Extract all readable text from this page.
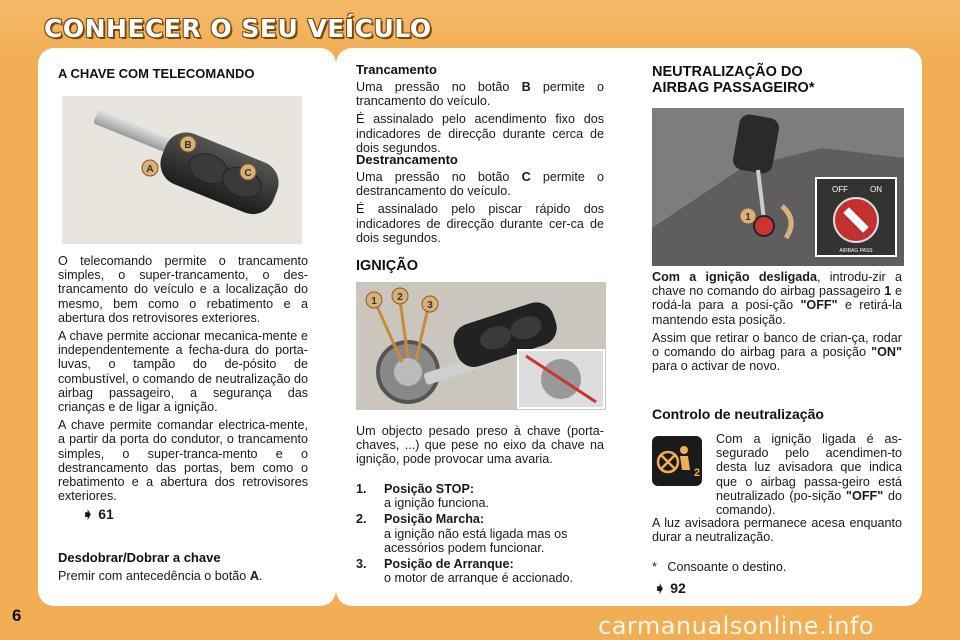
CONHECER O SEU VEÍCULO
A CHAVE COM TELECOMANDO
B
A	C

O telecomando permite o trancamento simples, o super-trancamento, o des-trancamento do veículo e a localização do mesmo, bem como o rebatimento e a abertura dos retrovisores exteriores.

A chave permite accionar mecanica-mente e independentemente a fecha-dura do porta-luvas, o tampão do de-pósito de combustível, o comando de neutralização do airbag passageiro, a segurança das crianças e de ligar a ignição.

A chave permite comandar electrica-mente, a partir da porta do condutor, o trancamento simples, o super-tranca-mento e o destrancamento das portas, bem como o rebatimento e a abertura dos retrovisores exteriores.

➧ 61
Desdobrar/Dobrar a chave
Premir com antecedência o botão A.
Trancamento

Uma pressão no botão B permite o trancamento do veículo.

É assinalado pelo acendimento fixo dos indicadores de direcção durante cerca de dois segundos.

Destrancamento

Uma pressão no botão C permite o destrancamento do veículo.

É assinalado pelo piscar rápido dos indicadores de direcção durante cer-ca de dois segundos.

IGNIÇÃO
1 2
3
Um objecto pesado preso à chave (porta-chaves, ...) que pese no eixo da chave na ignição, pode provocar uma avaria.
1. Posição STOP:
a ignição funciona.
2. Posição Marcha:
a ignição não está ligada mas os acessórios podem funcionar.
3. Posição de Arranque:
o motor de arranque é accionado.
NEUTRALIZAÇÃO DO
AIRBAG PASSAGEIRO*
1
OFF	ON
AIRBAG PASS

Com a ignição desligada, introdu-zir a chave no comando do airbag passageiro 1 e rodá-la para a posi-ção "OFF" e retirá-la mantendo esta posição.

Assim que retirar o banco de crian-ça, rodar o comando do airbag para a posição "ON" para o activar de novo.

Controlo de neutralização
2
Com a ignição ligada é as-segurado pelo acendimen-to desta luz avisadora que indica que o airbag passa-geiro está neutralizado (po-sição "OFF" do comando).
A luz avisadora permanece acesa enquanto durar a neutralização.
* Consoante o destino.
➧ 92
6	carmanualsonline.info
